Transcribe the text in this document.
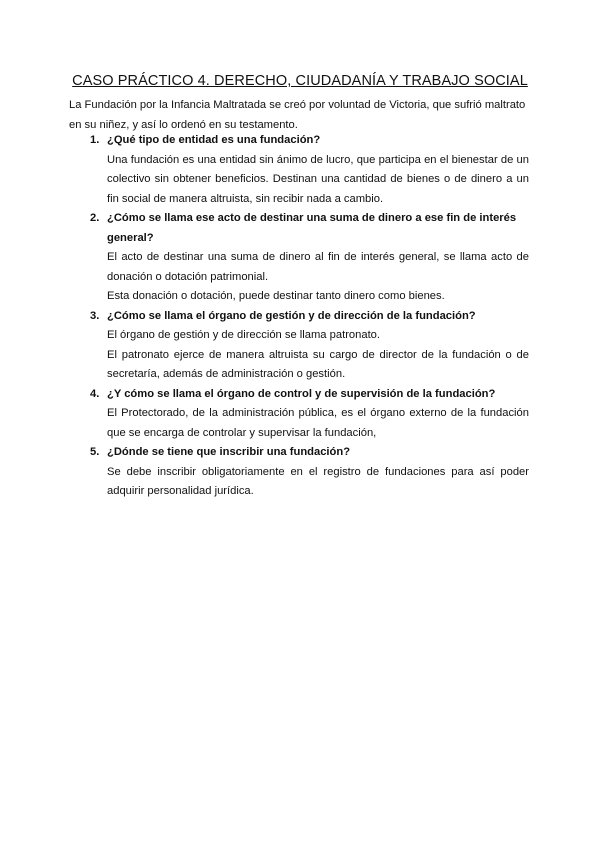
CASO PRÁCTICO 4. DERECHO, CIUDADANÍA Y TRABAJO SOCIAL

La Fundación por la Infancia Maltratada se creó por voluntad de Victoria, que sufrió maltrato en su niñez, y así lo ordenó en su testamento.

1. ¿Qué tipo de entidad es una fundación?

Una fundación es una entidad sin ánimo de lucro, que participa en el bienestar de un colectivo sin obtener beneficios. Destinan una cantidad de bienes o de dinero a un fin social de manera altruista, sin recibir nada a cambio.

2. ¿Cómo se llama ese acto de destinar una suma de dinero a ese fin de interés general?

El acto de destinar una suma de dinero al fin de interés general, se llama acto de donación o dotación patrimonial.

Esta donación o dotación, puede destinar tanto dinero como bienes.

3. ¿Cómo se llama el órgano de gestión y de dirección de la fundación?

El órgano de gestión y de dirección se llama patronato.

El patronato ejerce de manera altruista su cargo de director de la fundación o de secretaría, además de administración o gestión.

4. ¿Y cómo se llama el órgano de control y de supervisión de la fundación?

El Protectorado, de la administración pública, es el órgano externo de la fundación que se encarga de controlar y supervisar la fundación,

5. ¿Dónde se tiene que inscribir una fundación?

Se debe inscribir obligatoriamente en el registro de fundaciones para así poder adquirir personalidad jurídica.
